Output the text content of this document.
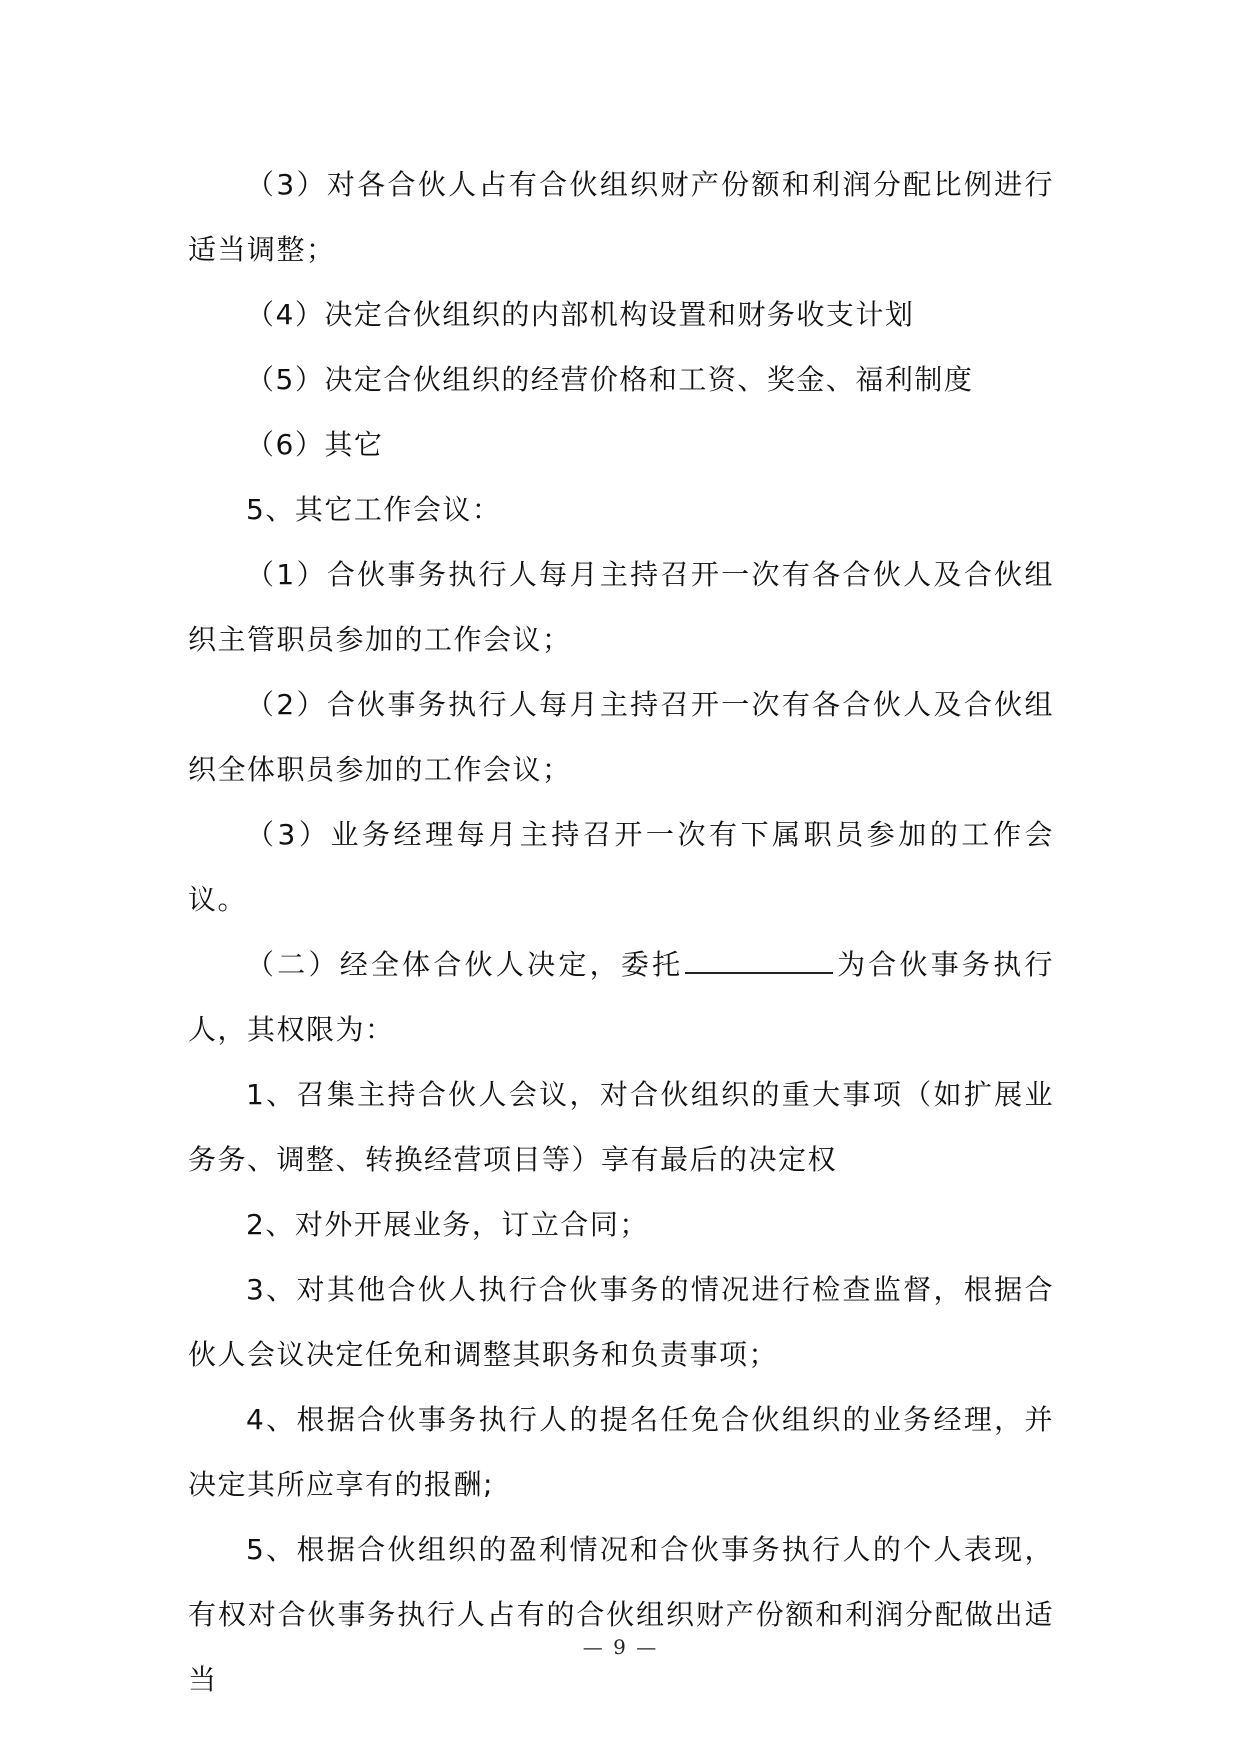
（3）对各合伙人占有合伙组织财产份额和利润分配比例进行适当调整；

（4）决定合伙组织的内部机构设置和财务收支计划

（5）决定合伙组织的经营价格和工资、奖金、福利制度

（6）其它

5、其它工作会议：

（1）合伙事务执行人每月主持召开一次有各合伙人及合伙组织主管职员参加的工作会议；

（2）合伙事务执行人每月主持召开一次有各合伙人及合伙组织全体职员参加的工作会议；

（3）业务经理每月主持召开一次有下属职员参加的工作会议。

（二）经全体合伙人决定，委托	为合伙事务执行人，其权限为：

1、召集主持合伙人会议，对合伙组织的重大事项（如扩展业务务、调整、转换经营项目等）享有最后的决定权

2、对外开展业务，订立合同；

3、对其他合伙人执行合伙事务的情况进行检查监督，根据合伙人会议决定任免和调整其职务和负责事项；

4、根据合伙事务执行人的提名任免合伙组织的业务经理，并决定其所应享有的报酬;

5、根据合伙组织的盈利情况和合伙事务执行人的个人表现，有权对合伙事务执行人占有的合伙组织财产份额和利润分配做出适当

— 9 —
